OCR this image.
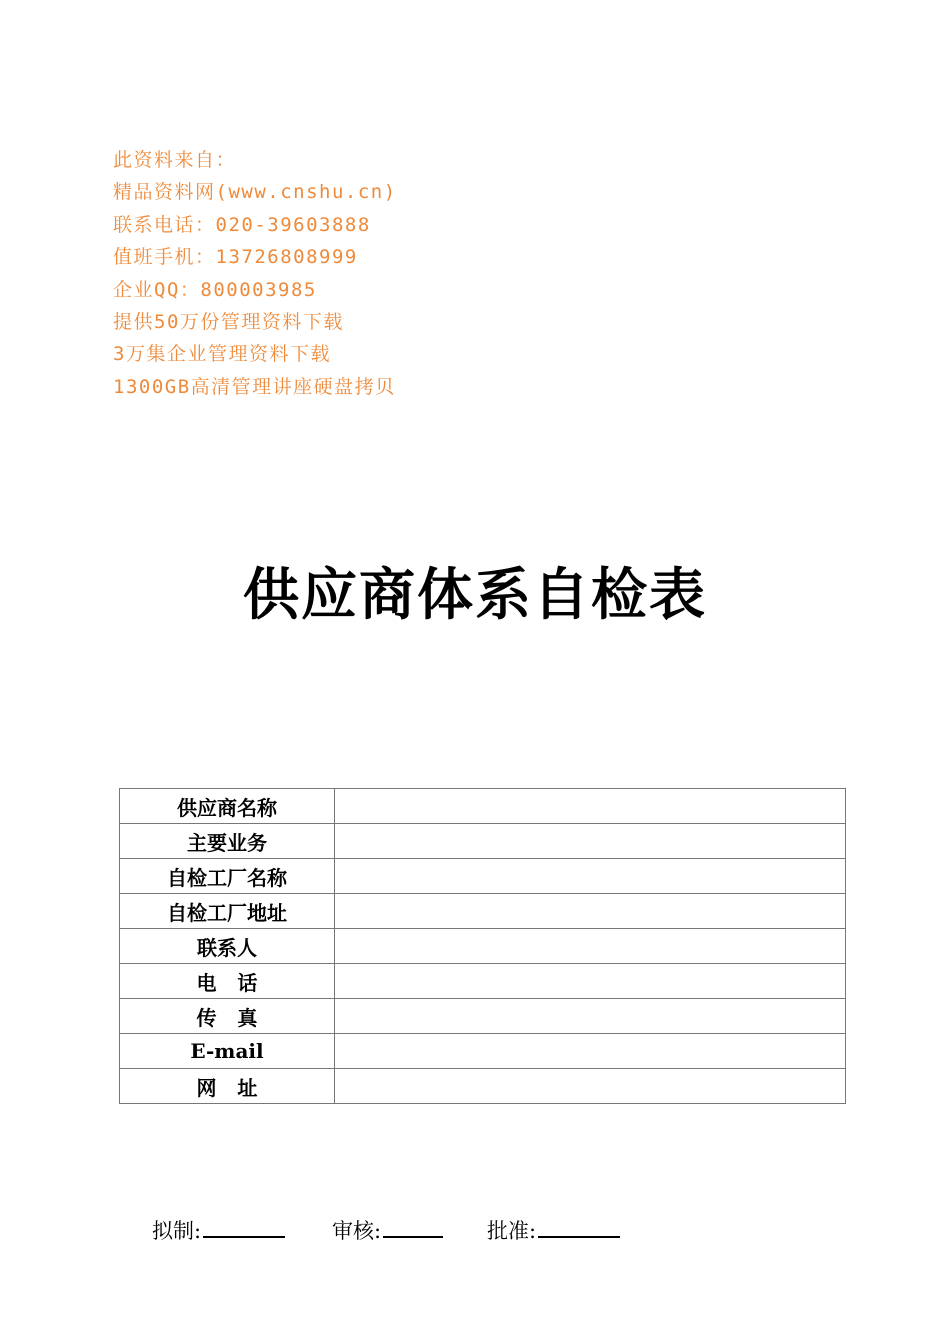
此资料来自：
精品资料网(www.cnshu.cn)
联系电话：020-39603888
值班手机：13726808999
企业QQ：800003985
提供50万份管理资料下载
3万集企业管理资料下载
1300GB高清管理讲座硬盘拷贝
供应商体系自检表
供应商名称	
主要业务	
自检工厂名称	
自检工厂地址	
联系人	
电   话	
传   真	
E-mail	
网   址	
拟制:	审核:	批准:
